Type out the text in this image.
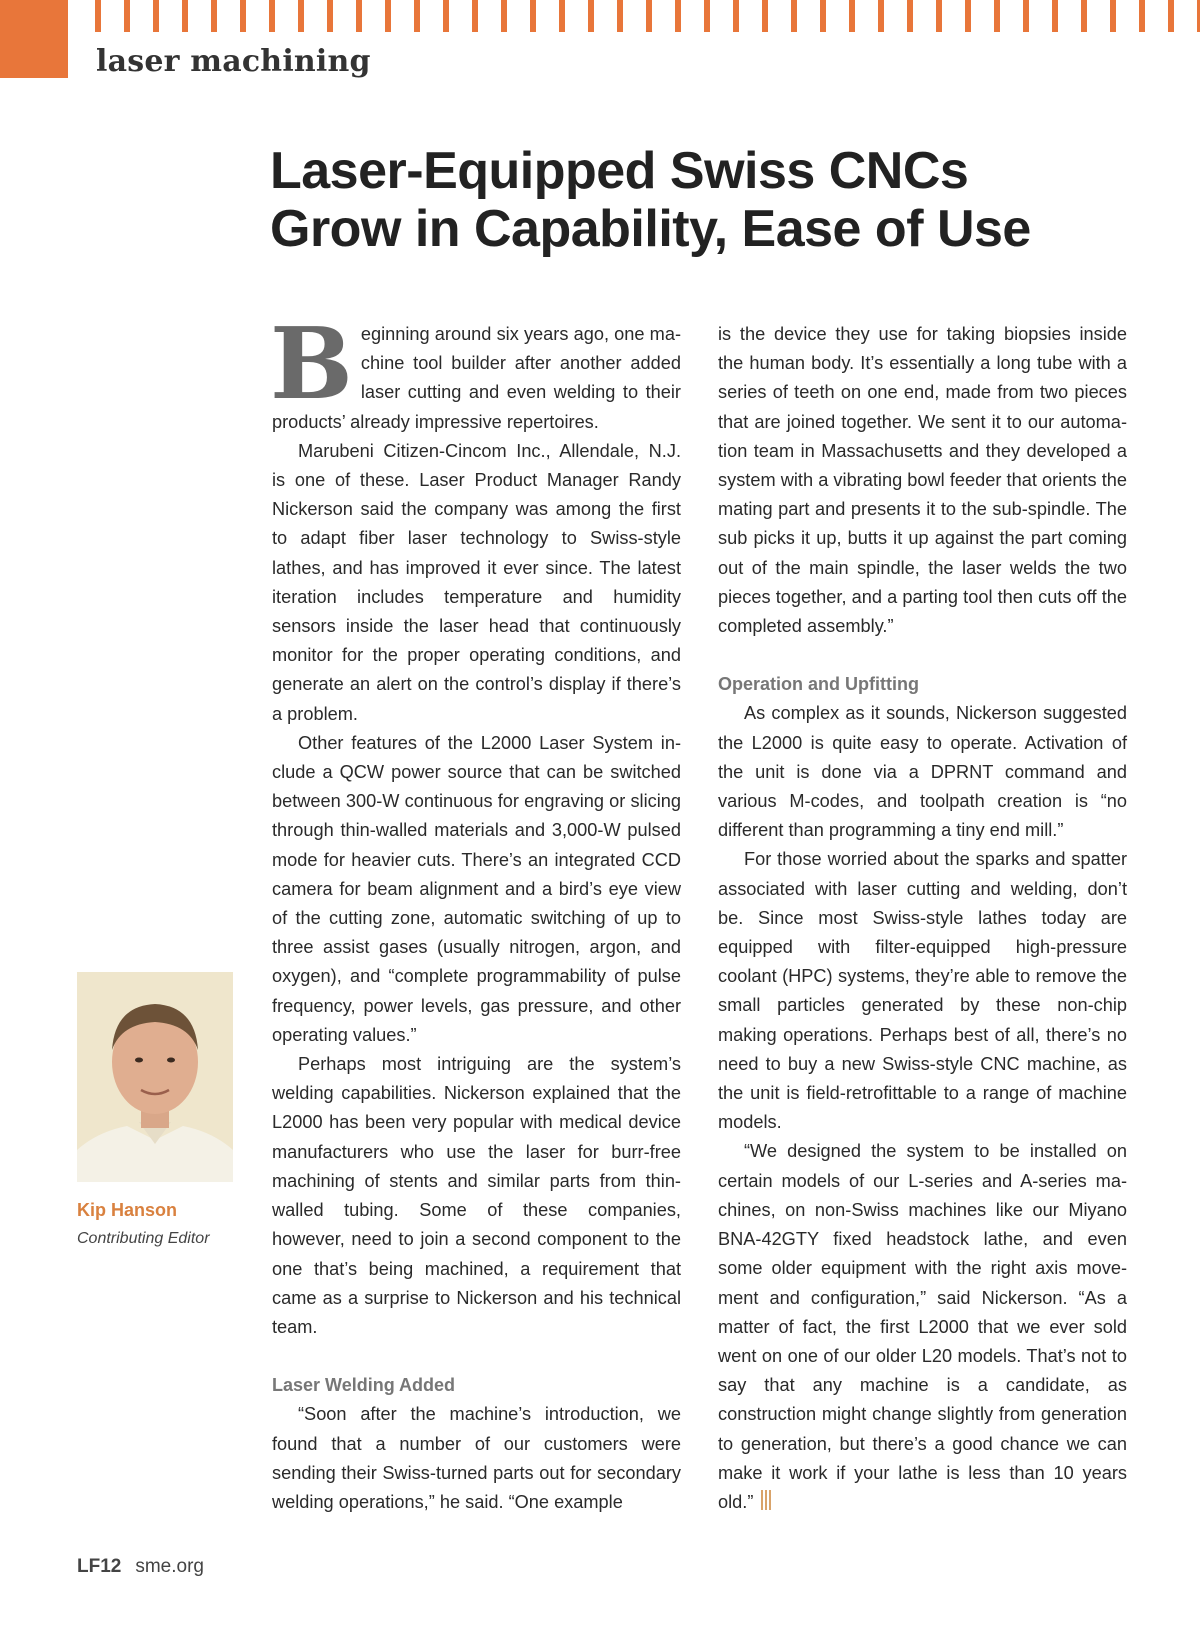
laser machining
Laser-Equipped Swiss CNCs
Grow in Capability, Ease of Use

Kip Hanson

Contributing Editor

Beginning around six years ago, one machine tool builder after another added laser cutting and even welding to their products’ already impressive repertoires.

Marubeni Citizen-Cincom Inc., Allendale, N.J. is one of these. Laser Product Manager Randy Nickerson said the company was among the first to adapt fiber laser technology to Swiss-style lathes, and has improved it ever since. The latest iteration includes temperature and humidity sensors inside the laser head that continuously monitor for the proper operating conditions, and generate an alert on the control’s display if there’s a problem.

Other features of the L2000 Laser System include a QCW power source that can be switched between 300-W continuous for engraving or slicing through thin-walled materials and 3,000-W pulsed mode for heavier cuts. There’s an integrated CCD camera for beam alignment and a bird’s eye view of the cutting zone, automatic switching of up to three assist gases (usually nitrogen, argon, and oxygen), and “complete programmability of pulse frequency, power levels, gas pressure, and other operating values.”

Perhaps most intriguing are the system’s welding capabilities. Nickerson explained that the L2000 has been very popular with medical device manufacturers who use the laser for burr-free machining of stents and similar parts from thin-walled tubing. Some of these companies, however, need to join a second component to the one that’s being machined, a requirement that came as a surprise to Nickerson and his technical team.

Laser Welding Added

“Soon after the machine’s introduction, we found that a number of our customers were sending their Swiss-turned parts out for secondary welding operations,” he said. “One example

is the device they use for taking biopsies inside the human body. It’s essentially a long tube with a series of teeth on one end, made from two pieces that are joined together. We sent it to our automation team in Massachusetts and they developed a system with a vibrating bowl feeder that orients the mating part and presents it to the sub-spindle. The sub picks it up, butts it up against the part coming out of the main spindle, the laser welds the two pieces together, and a parting tool then cuts off the completed assembly.”

Operation and Upfitting

As complex as it sounds, Nickerson suggested the L2000 is quite easy to operate. Activation of the unit is done via a DPRNT command and various M-codes, and toolpath creation is “no different than programming a tiny end mill.”

For those worried about the sparks and spatter associated with laser cutting and welding, don’t be. Since most Swiss-style lathes today are equipped with filter-equipped high-pressure coolant (HPC) systems, they’re able to remove the small particles generated by these non-chip making operations. Perhaps best of all, there’s no need to buy a new Swiss-style CNC machine, as the unit is field-retrofittable to a range of machine models.

“We designed the system to be installed on certain models of our L-series and A-series machines, on non-Swiss machines like our Miyano BNA-42GTY fixed headstock lathe, and even some older equipment with the right axis movement and configuration,” said Nickerson. “As a matter of fact, the first L2000 that we ever sold went on one of our older L20 models. That’s not to say that any machine is a candidate, as construction might change slightly from generation to generation, but there’s a good chance we can make it work if your lathe is less than 10 years old.”

LF12 sme.org
